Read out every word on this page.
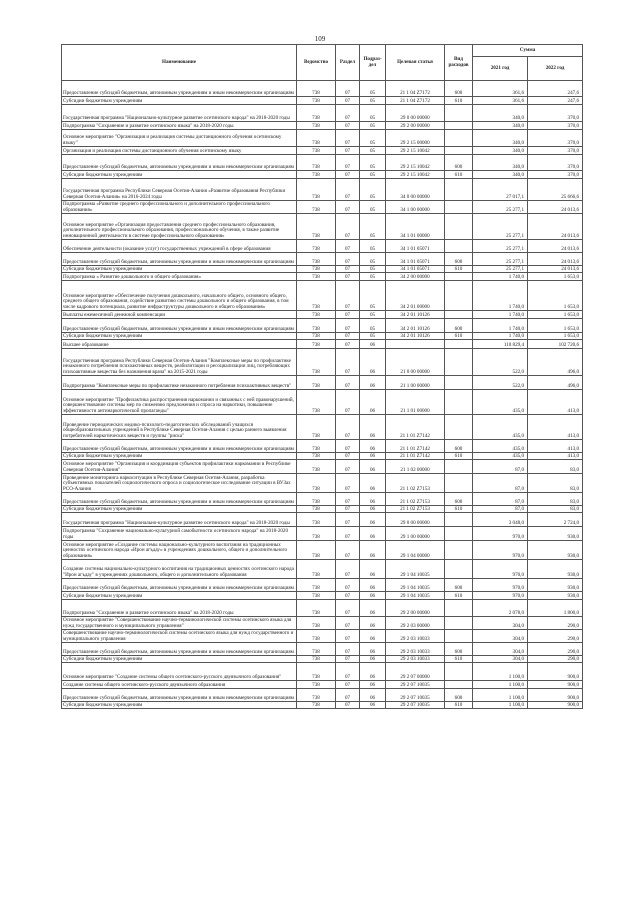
109
Наименование	Ведомство	Раздел	Подраз-дел	Целевая статья	Вид расходов	Сумма	
						2021 год	2022 год
Предоставление субсидий бюджетным, автономным учреждениям и иным некоммерческим организациям	738	07	05	21 1 04 Z7172	600	361,6	247,6
Субсидии бюджетным учреждениям	738	07	05	21 1 04 Z7172	610	361,6	247,6
Государственная программа "Национально-культурное развитие осетинского народа" на 2018-2020 годы	738	07	05	29 0 00 00000		340,0	370,0
Подпрограмма "Сохранение и развитие осетинского языка" на 2018-2020 годы	738	07	05	29 2 00 00000		340,0	370,0
Основное мероприятие "Организация и реализация системы дистанционного обучения осетинскому языку"	738	07	05	29 2 15 00000		340,0	370,0
Организация и реализация системы дистанционного обучения осетинскому языку	738	07	05	29 2 15 10042		340,0	370,0
Предоставление субсидий бюджетным, автономным учреждениям и иным некоммерческим организациям	738	07	05	29 2 15 10042	600	340,0	370,0
Субсидии бюджетным учреждениям	738	07	05	29 2 15 10042	610	340,0	370,0
Государственная программа Республики Северная Осетия-Алания «Развитие образования Республики Северная Осетия-Алания» на 2016-2024 годы	738	07	05	34 0 00 00000		27 017,1	25 666,6
Подпрограмма «Развитие среднего профессионального и дополнительного профессионального образования»	738	07	05	34 1 00 00000		25 277,1	24 013,6
Основное мероприятие «Организация предоставления среднего профессионального образования, дополнительного профессионального образования, профессионального обучения, в также развитие инновационной деятельности в системе профессионального образования»	738	07	05	34 1 01 00000		25 277,1	24 013,6
Обеспечение деятельности (оказание услуг) государственных учреждений в сфере образования	738	07	05	34 1 01 05071		25 277,1	24 013,6
Предоставление субсидий бюджетным, автономным учреждениям и иным некоммерческим организациям	738	07	05	34 1 01 05071	600	25 277,1	24 013,6
Субсидии бюджетным учреждениям	738	07	05	34 1 01 05071	610	25 277,1	24 013,6
Подпрограмма « Развитие дошкольного и общего образования»	738	07	05	34 2 00 00000		1 740,0	1 653,0
Основное мероприятие «Обеспечение получения дошкольного, начального общего, основного общего, среднего общего образования, содействие развитию системы дошкольного и общего образования, в том числе кадрового потенциала, развитие инфраструктуры дошкольного и общего образования»	738	07	05	34 2 01 00000		1 740,0	1 653,0
Выплаты ежемесячной денежной компенсации	738	07	05	34 2 01 10126		1 740,0	1 653,0
Предоставление субсидий бюджетным, автономным учреждениям и иным некоммерческим организациям	738	07	05	34 2 01 10126	600	1 740,0	1 653,0
Субсидии бюджетным учреждениям	738	07	05	34 2 01 10126	610	1 740,0	1 653,0
Высшее образование	738	07	06			110 829,4	102 720,6
Государственная программа Республики Северная Осетия-Алания "Комплексные меры по профилактике незаконного потребления психоактивных веществ, реабилитации и ресоциализации лиц, потребляющих психоактивные вещества без назначения врача" на 2015-2021 годы	738	07	06	21 0 00 00000		522,0	496,0
Подпрограмма "Комплексные меры по профилактике незаконного потребления психоактивных веществ"	738	07	06	21 1 00 00000		522,0	496,0
Основное мероприятие "Профилактика распространения наркомании и связанных с ней правонарушений, совершенствование системы мер по снижению предложения и спроса на наркотики, повышение эффективности антинаркотической пропаганды"	738	07	06	21 1 01 00000		435,0	413,0
Проведение периодических медико-психолого-педагогических обследований учащихся общеобразовательных учреждений в Республике Северная Осетия-Алания с целью раннего выявления потребителей наркотических веществ и группы "риска"	738	07	06	21 1 01 Z7142		435,0	413,0
Предоставление субсидий бюджетным, автономным учреждениям и иным некоммерческим организациям	738	07	06	21 1 01 Z7142	600	435,0	413,0
Субсидии бюджетным учреждениям	738	07	06	21 1 01 Z7142	610	435,0	413,0
Основное мероприятие "Организация и координация субъектов профилактики наркомании в Республике Северная Осетия-Алания"	738	07	06	21 1 02 00000		87,0	83,0
Проведение мониторинга наркоситуации в Республике Северная Осетия-Алания, разработка субъективных показателей социологического опроса и социологическое исследование ситуации в ВУЗах РСО-Алания	738	07	06	21 1 02 Z7153		87,0	83,0
Предоставление субсидий бюджетным, автономным учреждениям и иным некоммерческим организациям	738	07	06	21 1 02 Z7153	600	87,0	83,0
Субсидии бюджетным учреждениям	738	07	06	21 1 02 Z7153	610	87,0	83,0
Государственная программа "Национально-культурное развитие осетинского народа" на 2018-2020 годы	738	07	06	29 0 00 00000		3 048,0	2 724,0
Подпрограмма "Сохранение национально-культурной самобытности осетинского народа" на 2018-2020 годы	738	07	06	29 1 00 00000		970,0	930,0
Основное мероприятие «Создание системы национально-культурного воспитания на традиционных ценностях осетинского народа «Ирон агъдау» в учреждениях дошкольного, общего и дополнительного образования»	738	07	06	29 1 04 00000		970,0	930,0
Создание системы национально-культурного воспитания на традиционных ценностях осетинского народа "Ирон агъдау" в учреждениях дошкольного, общего и дополнительного образования	738	07	06	29 1 04 10035		970,0	930,0
Предоставление субсидий бюджетным, автономным учреждениям и иным некоммерческим организациям	738	07	06	29 1 04 10035	600	970,0	930,0
Субсидии бюджетным учреждениям	738	07	06	29 1 04 10035	610	970,0	930,0
Подпрограмма "Сохранение и развитие осетинского языка" на 2018-2020 годы	738	07	06	29 2 00 00000		2 078,0	1 800,0
Основное мероприятие "Совершенствование научно-терминологической системы осетинского языка для нужд государственного и муниципального управления"	738	07	06	29 2 03 00000		304,0	290,0
Совершенствование научно-терминологической системы осетинского языка для нужд государственного и муниципального управления	738	07	06	29 2 03 10033		304,0	290,0
Предоставление субсидий бюджетным, автономным учреждениям и иным некоммерческим организациям	738	07	06	29 2 03 10033	600	304,0	290,0
Субсидии бюджетным учреждениям	738	07	06	29 2 03 10033	610	304,0	290,0
Основное мероприятие "Создание системы общего осетинского-русского двуязычного образования"	738	07	06	29 2 07 00000		1 100,0	900,0
Создание системы общего осетинского-русского двуязычного образования	738	07	06	29 2 07 10035		1 100,0	900,0
Предоставление субсидий бюджетным, автономным учреждениям и иным некоммерческим организациям	738	07	06	29 2 07 10035	600	1 100,0	900,0
Субсидии бюджетным учреждениям	738	07	06	29 2 07 10035	610	1 100,0	900,0
